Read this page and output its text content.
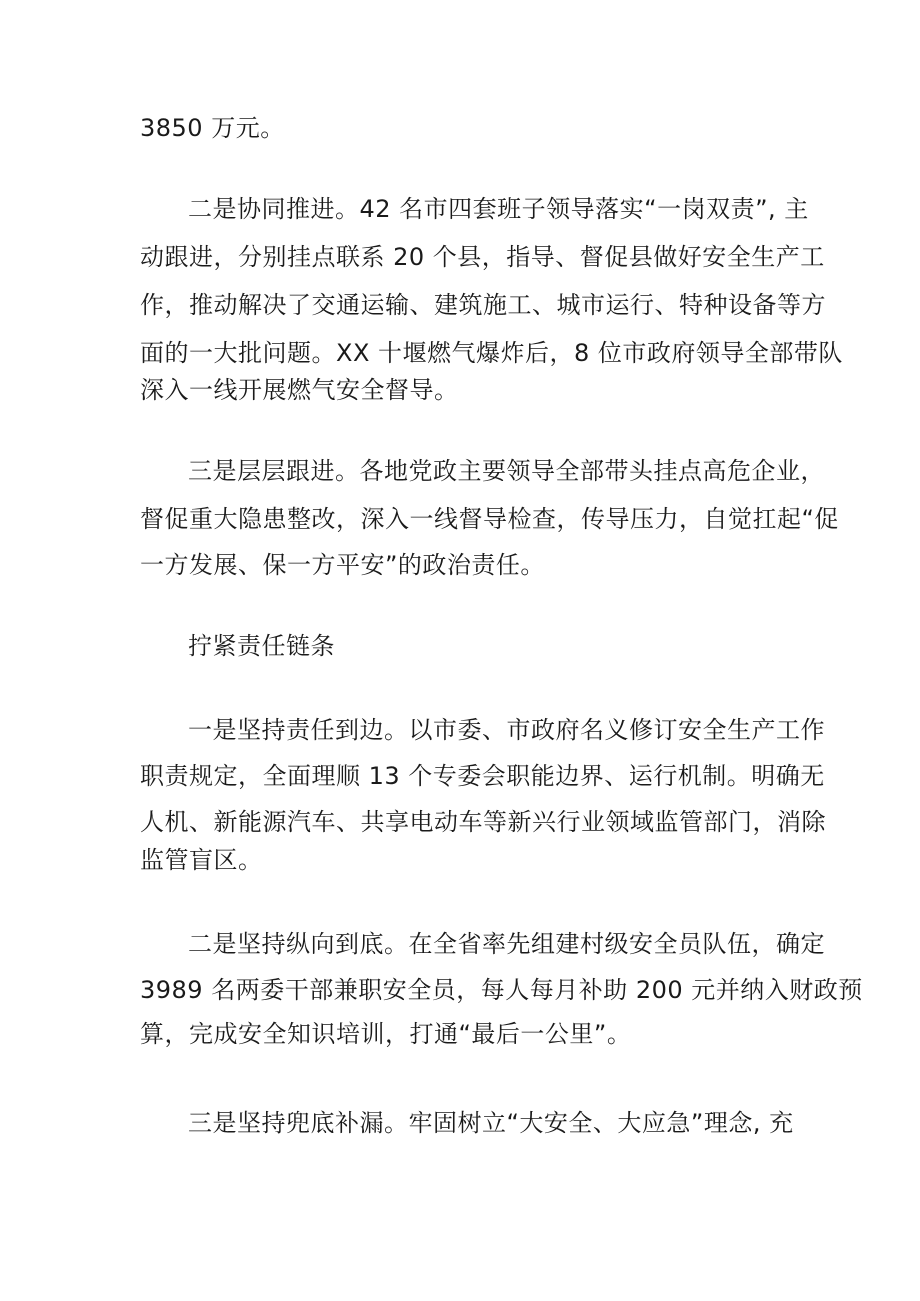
3850 万元。
二是协同推进。42 名市四套班子领导落实“一岗双责”, 主
动跟进，分别挂点联系 20 个县，指导、督促县做好安全生产工
作，推动解决了交通运输、建筑施工、城市运行、特种设备等方
面的一大批问题。XX 十堰燃气爆炸后，8 位市政府领导全部带队
深入一线开展燃气安全督导。
三是层层跟进。各地党政主要领导全部带头挂点高危企业，
督促重大隐患整改，深入一线督导检查，传导压力，自觉扛起“促
一方发展、保一方平安”的政治责任。
拧紧责任链条
一是坚持责任到边。以市委、市政府名义修订安全生产工作
职责规定，全面理顺 13 个专委会职能边界、运行机制。明确无
人机、新能源汽车、共享电动车等新兴行业领域监管部门，消除
监管盲区。
二是坚持纵向到底。在全省率先组建村级安全员队伍，确定
3989 名两委干部兼职安全员，每人每月补助 200 元并纳入财政预
算，完成安全知识培训，打通“最后一公里”。
三是坚持兜底补漏。牢固树立“大安全、大应急”理念, 充
